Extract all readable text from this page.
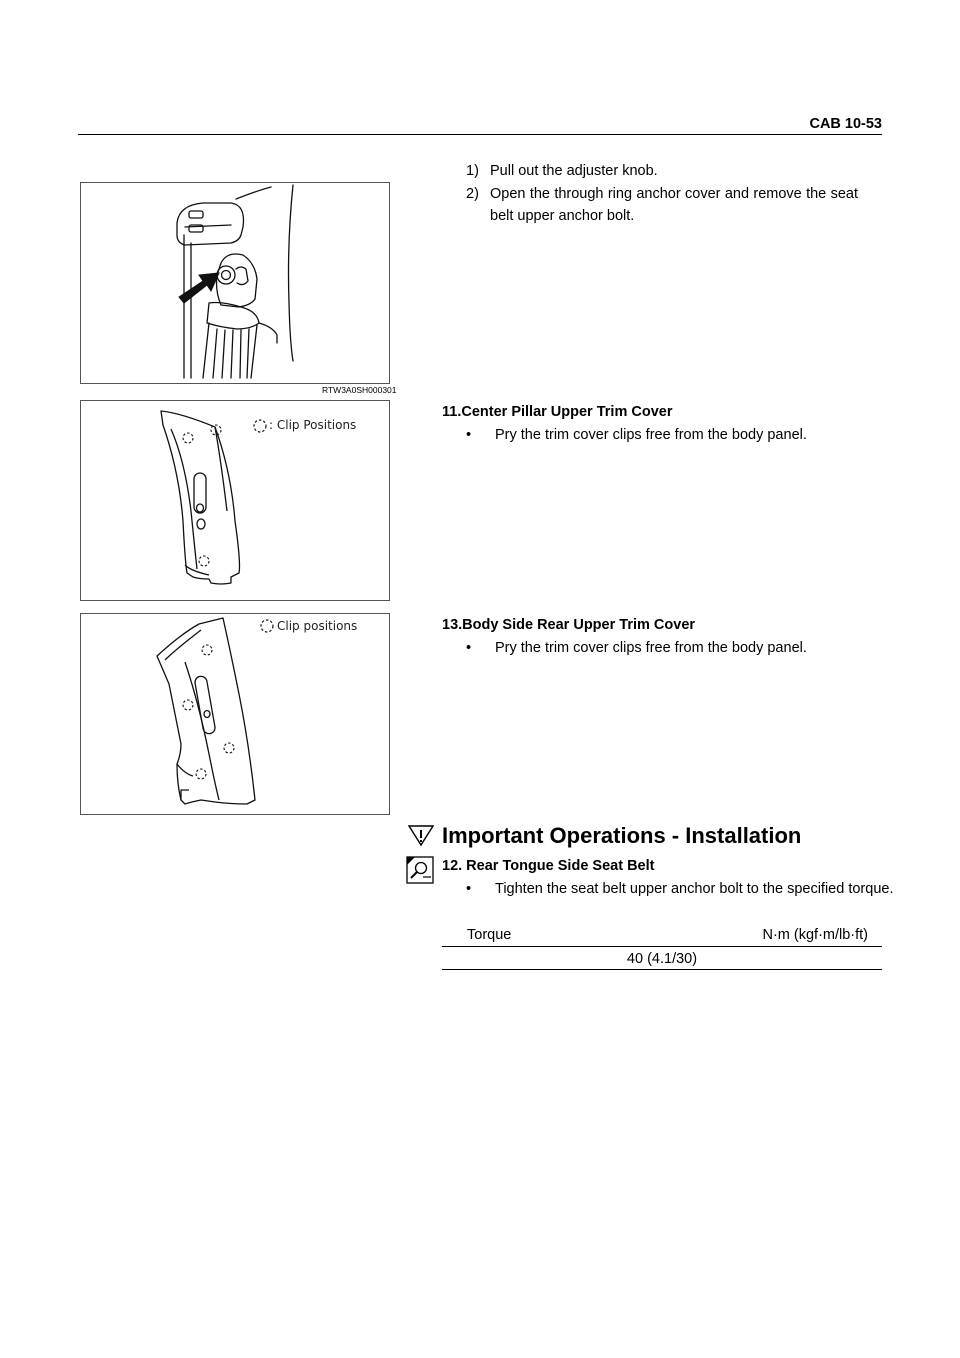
CAB 10-53
RTW3A0SH000301
: Clip Positions
Clip positions
1) Pull out the adjuster knob.
2) Open the through ring anchor cover and remove the seat belt upper anchor bolt.
11.Center Pillar Upper Trim Cover
• Pry the trim cover clips free from the body panel.
13.Body Side Rear Upper Trim Cover
• Pry the trim cover clips free from the body panel.
Important Operations - Installation
12. Rear Tongue Side Seat Belt
• Tighten the seat belt upper anchor bolt to the specified torque.
Torque	N·m (kgf·m/lb·ft)
40 (4.1/30)
